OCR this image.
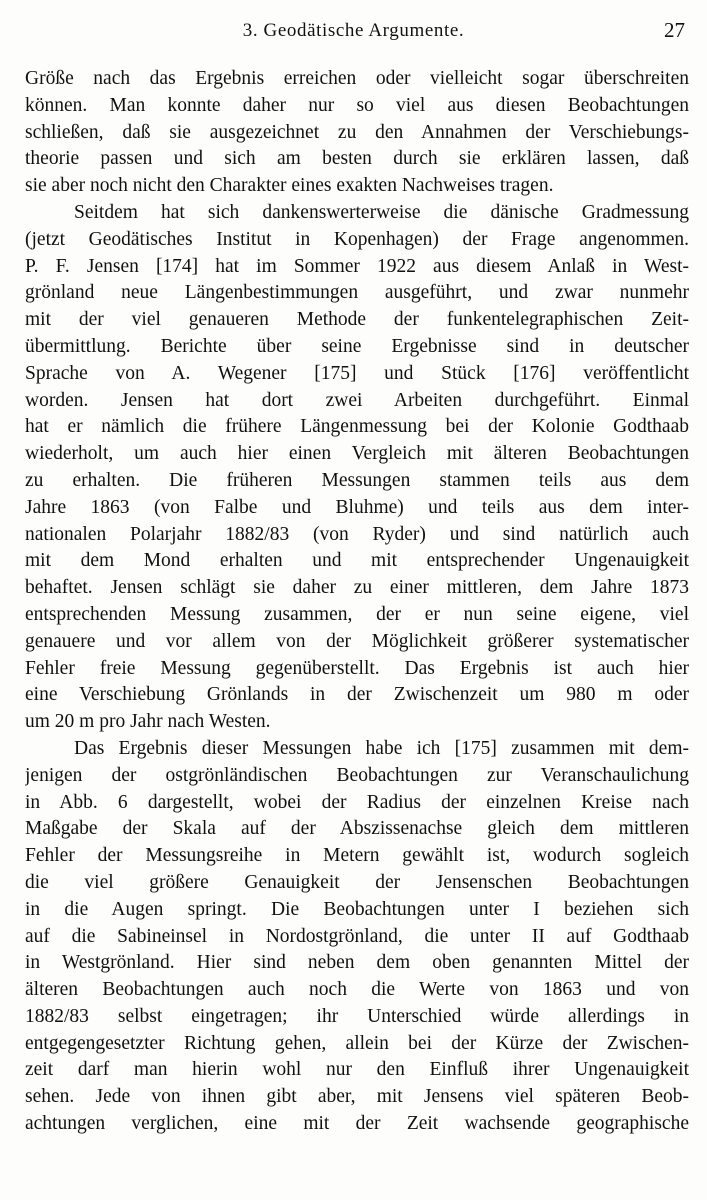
3. Geodätische Argumente.	27
Größe nach das Ergebnis erreichen oder vielleicht sogar überschreiten
können. Man konnte daher nur so viel aus diesen Beobachtungen
schließen, daß sie ausgezeichnet zu den Annahmen der Verschiebungs-
theorie passen und sich am besten durch sie erklären lassen, daß
sie aber noch nicht den Charakter eines exakten Nachweises tragen.
Seitdem hat sich dankenswerterweise die dänische Gradmessung
(jetzt Geodätisches Institut in Kopenhagen) der Frage angenommen.
P. F. Jensen [174] hat im Sommer 1922 aus diesem Anlaß in West-
grönland neue Längenbestimmungen ausgeführt, und zwar nunmehr
mit der viel genaueren Methode der funkentelegraphischen Zeit-
übermittlung. Berichte über seine Ergebnisse sind in deutscher
Sprache von A. Wegener [175] und Stück [176] veröffentlicht
worden. Jensen hat dort zwei Arbeiten durchgeführt. Einmal
hat er nämlich die frühere Längenmessung bei der Kolonie Godthaab
wiederholt, um auch hier einen Vergleich mit älteren Beobachtungen
zu erhalten. Die früheren Messungen stammen teils aus dem
Jahre 1863 (von Falbe und Bluhme) und teils aus dem inter-
nationalen Polarjahr 1882/83 (von Ryder) und sind natürlich auch
mit dem Mond erhalten und mit entsprechender Ungenauigkeit
behaftet. Jensen schlägt sie daher zu einer mittleren, dem Jahre 1873
entsprechenden Messung zusammen, der er nun seine eigene, viel
genauere und vor allem von der Möglichkeit größerer systematischer
Fehler freie Messung gegenüberstellt. Das Ergebnis ist auch hier
eine Verschiebung Grönlands in der Zwischenzeit um 980 m oder
um 20 m pro Jahr nach Westen.
Das Ergebnis dieser Messungen habe ich [175] zusammen mit dem-
jenigen der ostgrönländischen Beobachtungen zur Veranschaulichung
in Abb. 6 dargestellt, wobei der Radius der einzelnen Kreise nach
Maßgabe der Skala auf der Abszissenachse gleich dem mittleren
Fehler der Messungsreihe in Metern gewählt ist, wodurch sogleich
die viel größere Genauigkeit der Jensenschen Beobachtungen
in die Augen springt. Die Beobachtungen unter I beziehen sich
auf die Sabineinsel in Nordostgrönland, die unter II auf Godthaab
in Westgrönland. Hier sind neben dem oben genannten Mittel der
älteren Beobachtungen auch noch die Werte von 1863 und von
1882/83 selbst eingetragen; ihr Unterschied würde allerdings in
entgegengesetzter Richtung gehen, allein bei der Kürze der Zwischen-
zeit darf man hierin wohl nur den Einfluß ihrer Ungenauigkeit
sehen. Jede von ihnen gibt aber, mit Jensens viel späteren Beob-
achtungen verglichen, eine mit der Zeit wachsende geographische
